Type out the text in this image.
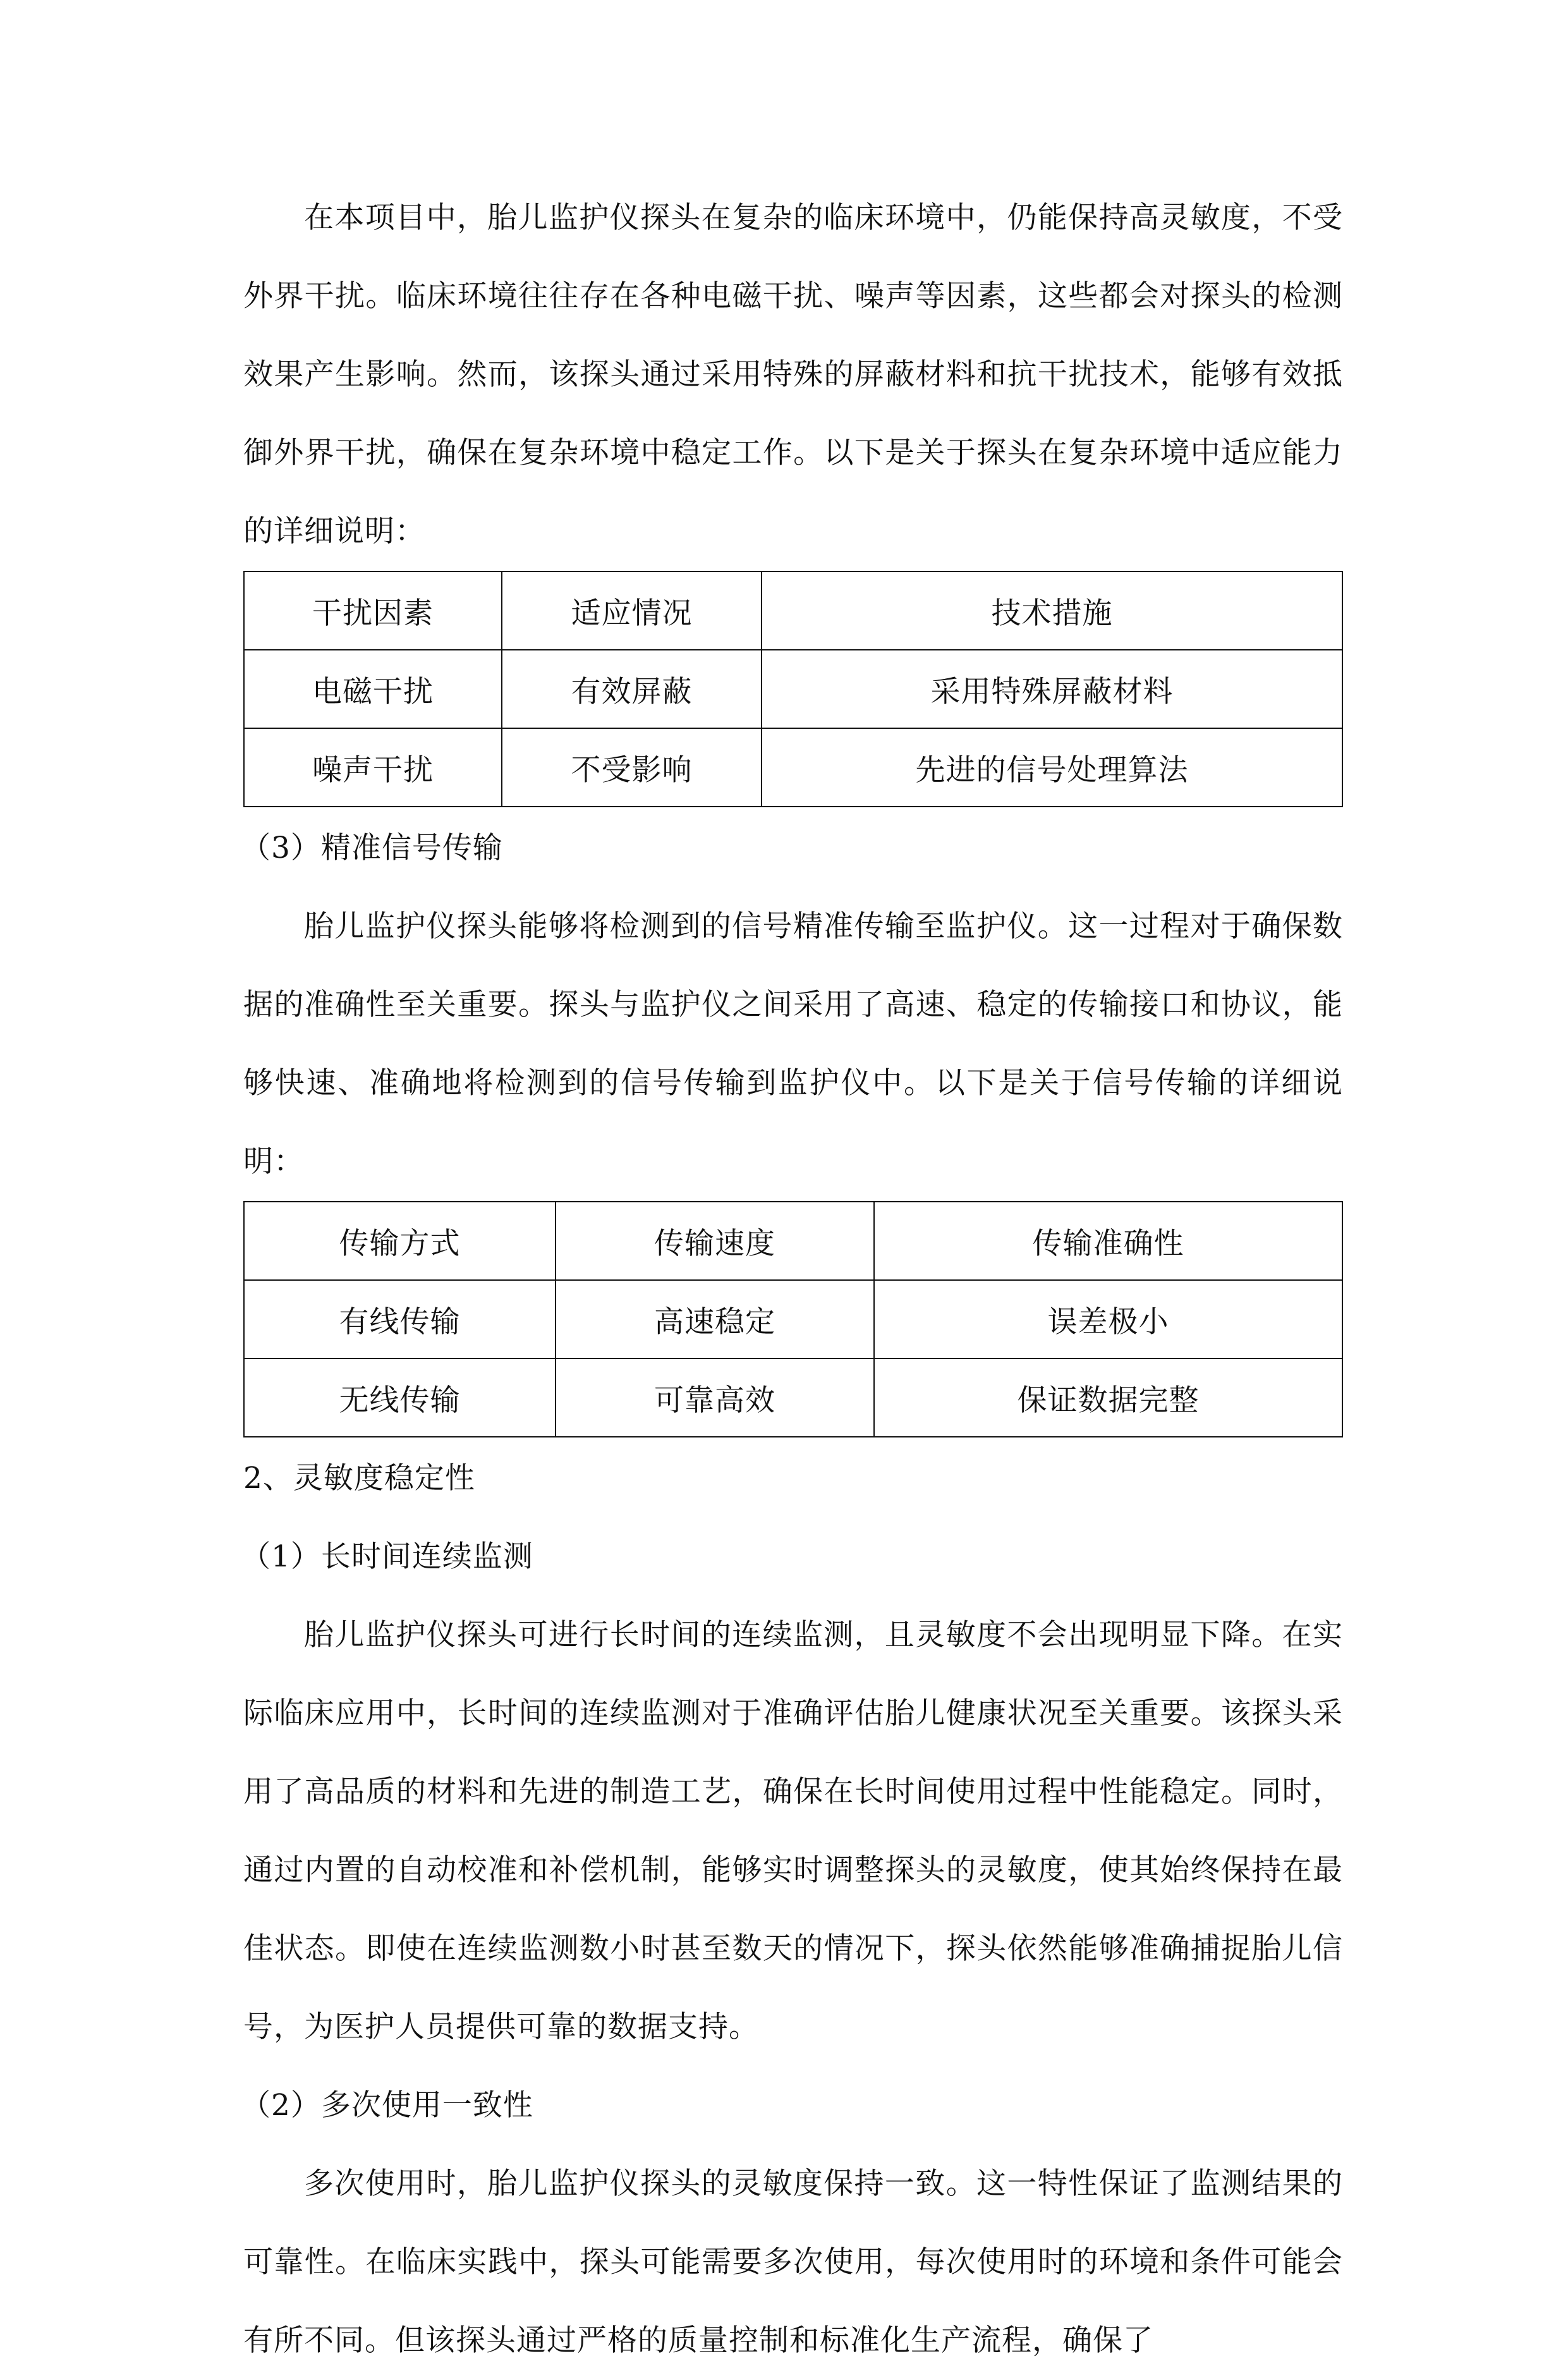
在本项目中，胎儿监护仪探头在复杂的临床环境中，仍能保持高灵敏度，不受外界干扰。临床环境往往存在各种电磁干扰、噪声等因素，这些都会对探头的检测效果产生影响。然而，该探头通过采用特殊的屏蔽材料和抗干扰技术，能够有效抵御外界干扰，确保在复杂环境中稳定工作。以下是关于探头在复杂环境中适应能力的详细说明：

干扰因素	适应情况	技术措施
电磁干扰	有效屏蔽	采用特殊屏蔽材料
噪声干扰	不受影响	先进的信号处理算法

（3）精准信号传输

胎儿监护仪探头能够将检测到的信号精准传输至监护仪。这一过程对于确保数据的准确性至关重要。探头与监护仪之间采用了高速、稳定的传输接口和协议，能够快速、准确地将检测到的信号传输到监护仪中。以下是关于信号传输的详细说明：

传输方式	传输速度	传输准确性
有线传输	高速稳定	误差极小
无线传输	可靠高效	保证数据完整

2、灵敏度稳定性

（1）长时间连续监测

胎儿监护仪探头可进行长时间的连续监测，且灵敏度不会出现明显下降。在实际临床应用中，长时间的连续监测对于准确评估胎儿健康状况至关重要。该探头采用了高品质的材料和先进的制造工艺，确保在长时间使用过程中性能稳定。同时，通过内置的自动校准和补偿机制，能够实时调整探头的灵敏度，使其始终保持在最佳状态。即使在连续监测数小时甚至数天的情况下，探头依然能够准确捕捉胎儿信号，为医护人员提供可靠的数据支持。

（2）多次使用一致性

多次使用时，胎儿监护仪探头的灵敏度保持一致。这一特性保证了监测结果的可靠性。在临床实践中，探头可能需要多次使用，每次使用时的环境和条件可能会有所不同。但该探头通过严格的质量控制和标准化生产流程，确保了
